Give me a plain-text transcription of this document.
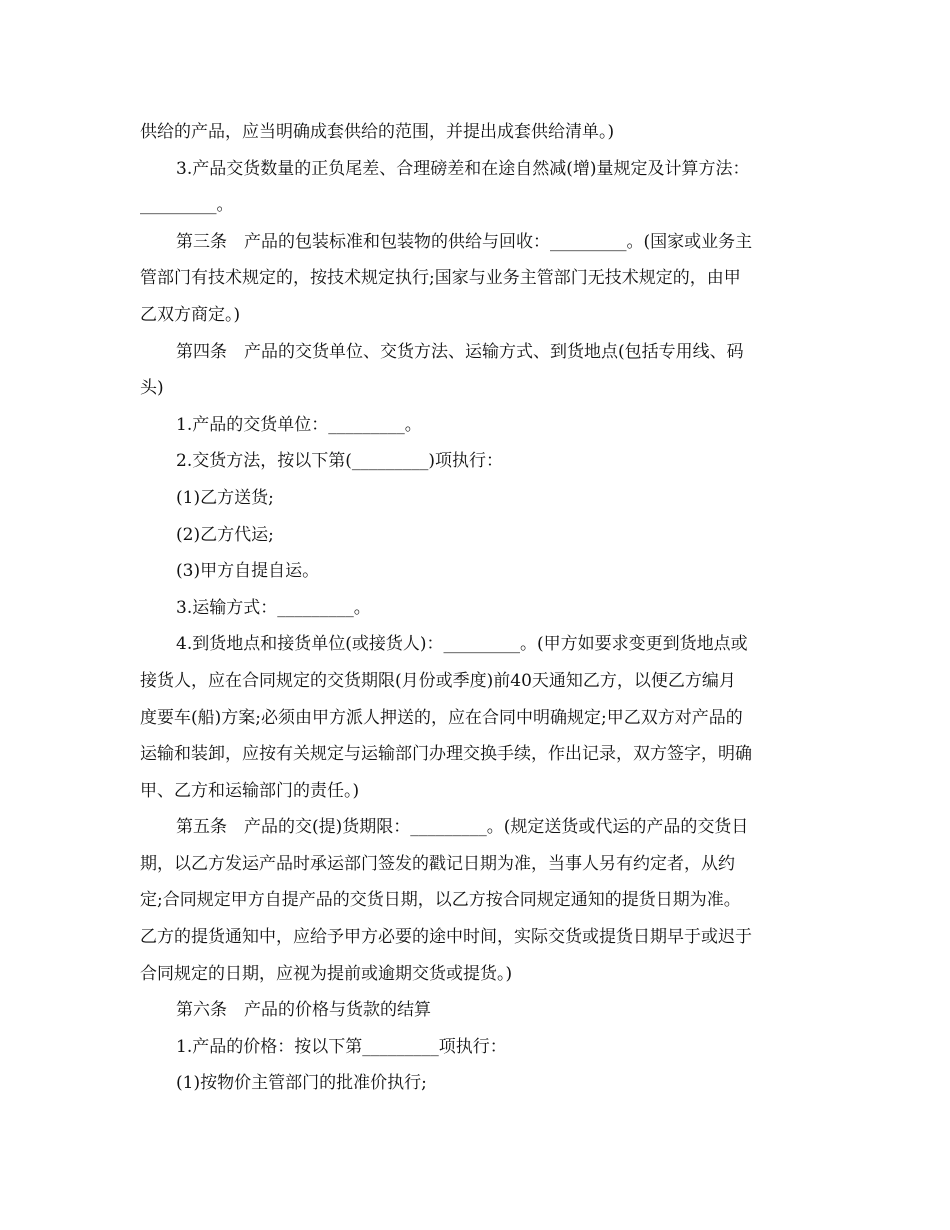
供给的产品，应当明确成套供给的范围，并提出成套供给清单。)
3.产品交货数量的正负尾差、合理磅差和在途自然减(增)量规定及计算方法：
_________。
第三条　产品的包装标准和包装物的供给与回收：_________。(国家或业务主
管部门有技术规定的，按技术规定执行;国家与业务主管部门无技术规定的，由甲
乙双方商定。)
第四条　产品的交货单位、交货方法、运输方式、到货地点(包括专用线、码
头)
1.产品的交货单位：_________。
2.交货方法，按以下第(_________)项执行：
(1)乙方送货;
(2)乙方代运;
(3)甲方自提自运。
3.运输方式：_________。
4.到货地点和接货单位(或接货人)：_________。(甲方如要求变更到货地点或
接货人，应在合同规定的交货期限(月份或季度)前40天通知乙方，以便乙方编月
度要车(船)方案;必须由甲方派人押送的，应在合同中明确规定;甲乙双方对产品的
运输和装卸，应按有关规定与运输部门办理交换手续，作出记录，双方签字，明确
甲、乙方和运输部门的责任。)
第五条　产品的交(提)货期限：_________。(规定送货或代运的产品的交货日
期，以乙方发运产品时承运部门签发的戳记日期为准，当事人另有约定者，从约
定;合同规定甲方自提产品的交货日期，以乙方按合同规定通知的提货日期为准。
乙方的提货通知中，应给予甲方必要的途中时间，实际交货或提货日期早于或迟于
合同规定的日期，应视为提前或逾期交货或提货。)
第六条　产品的价格与货款的结算
1.产品的价格：按以下第_________项执行：
(1)按物价主管部门的批准价执行;
